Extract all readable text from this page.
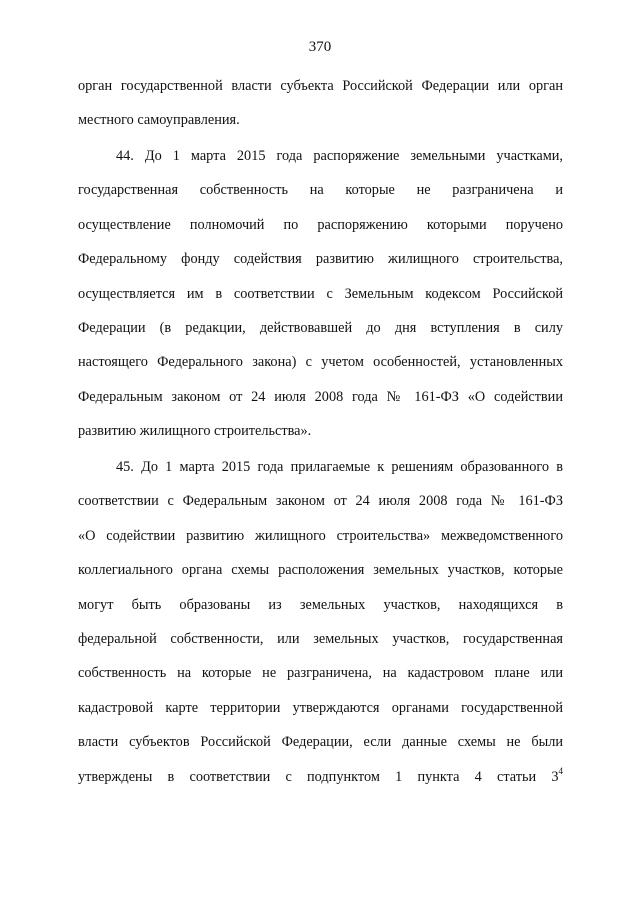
370
орган государственной власти субъекта Российской Федерации или орган
местного самоуправления.
44. До 1 марта 2015 года распоряжение земельными участками,
государственная собственность на которые не разграничена и
осуществление полномочий по распоряжению которыми поручено
Федеральному фонду содействия развитию жилищного строительства,
осуществляется им в соответствии с Земельным кодексом Российской
Федерации (в редакции, действовавшей до дня вступления в силу
настоящего Федерального закона) с учетом особенностей, установленных
Федеральным законом от 24 июля 2008 года № 161-ФЗ «О содействии
развитию жилищного строительства».
45. До 1 марта 2015 года прилагаемые к решениям образованного в
соответствии с Федеральным законом от 24 июля 2008 года № 161-ФЗ
«О содействии развитию жилищного строительства» межведомственного
коллегиального органа схемы расположения земельных участков, которые
могут быть образованы из земельных участков, находящихся в
федеральной собственности, или земельных участков, государственная
собственность на которые не разграничена, на кадастровом плане или
кадастровой карте территории утверждаются органами государственной
власти субъектов Российской Федерации, если данные схемы не были
утверждены в соответствии с подпунктом 1 пункта 4 статьи $3^4$
